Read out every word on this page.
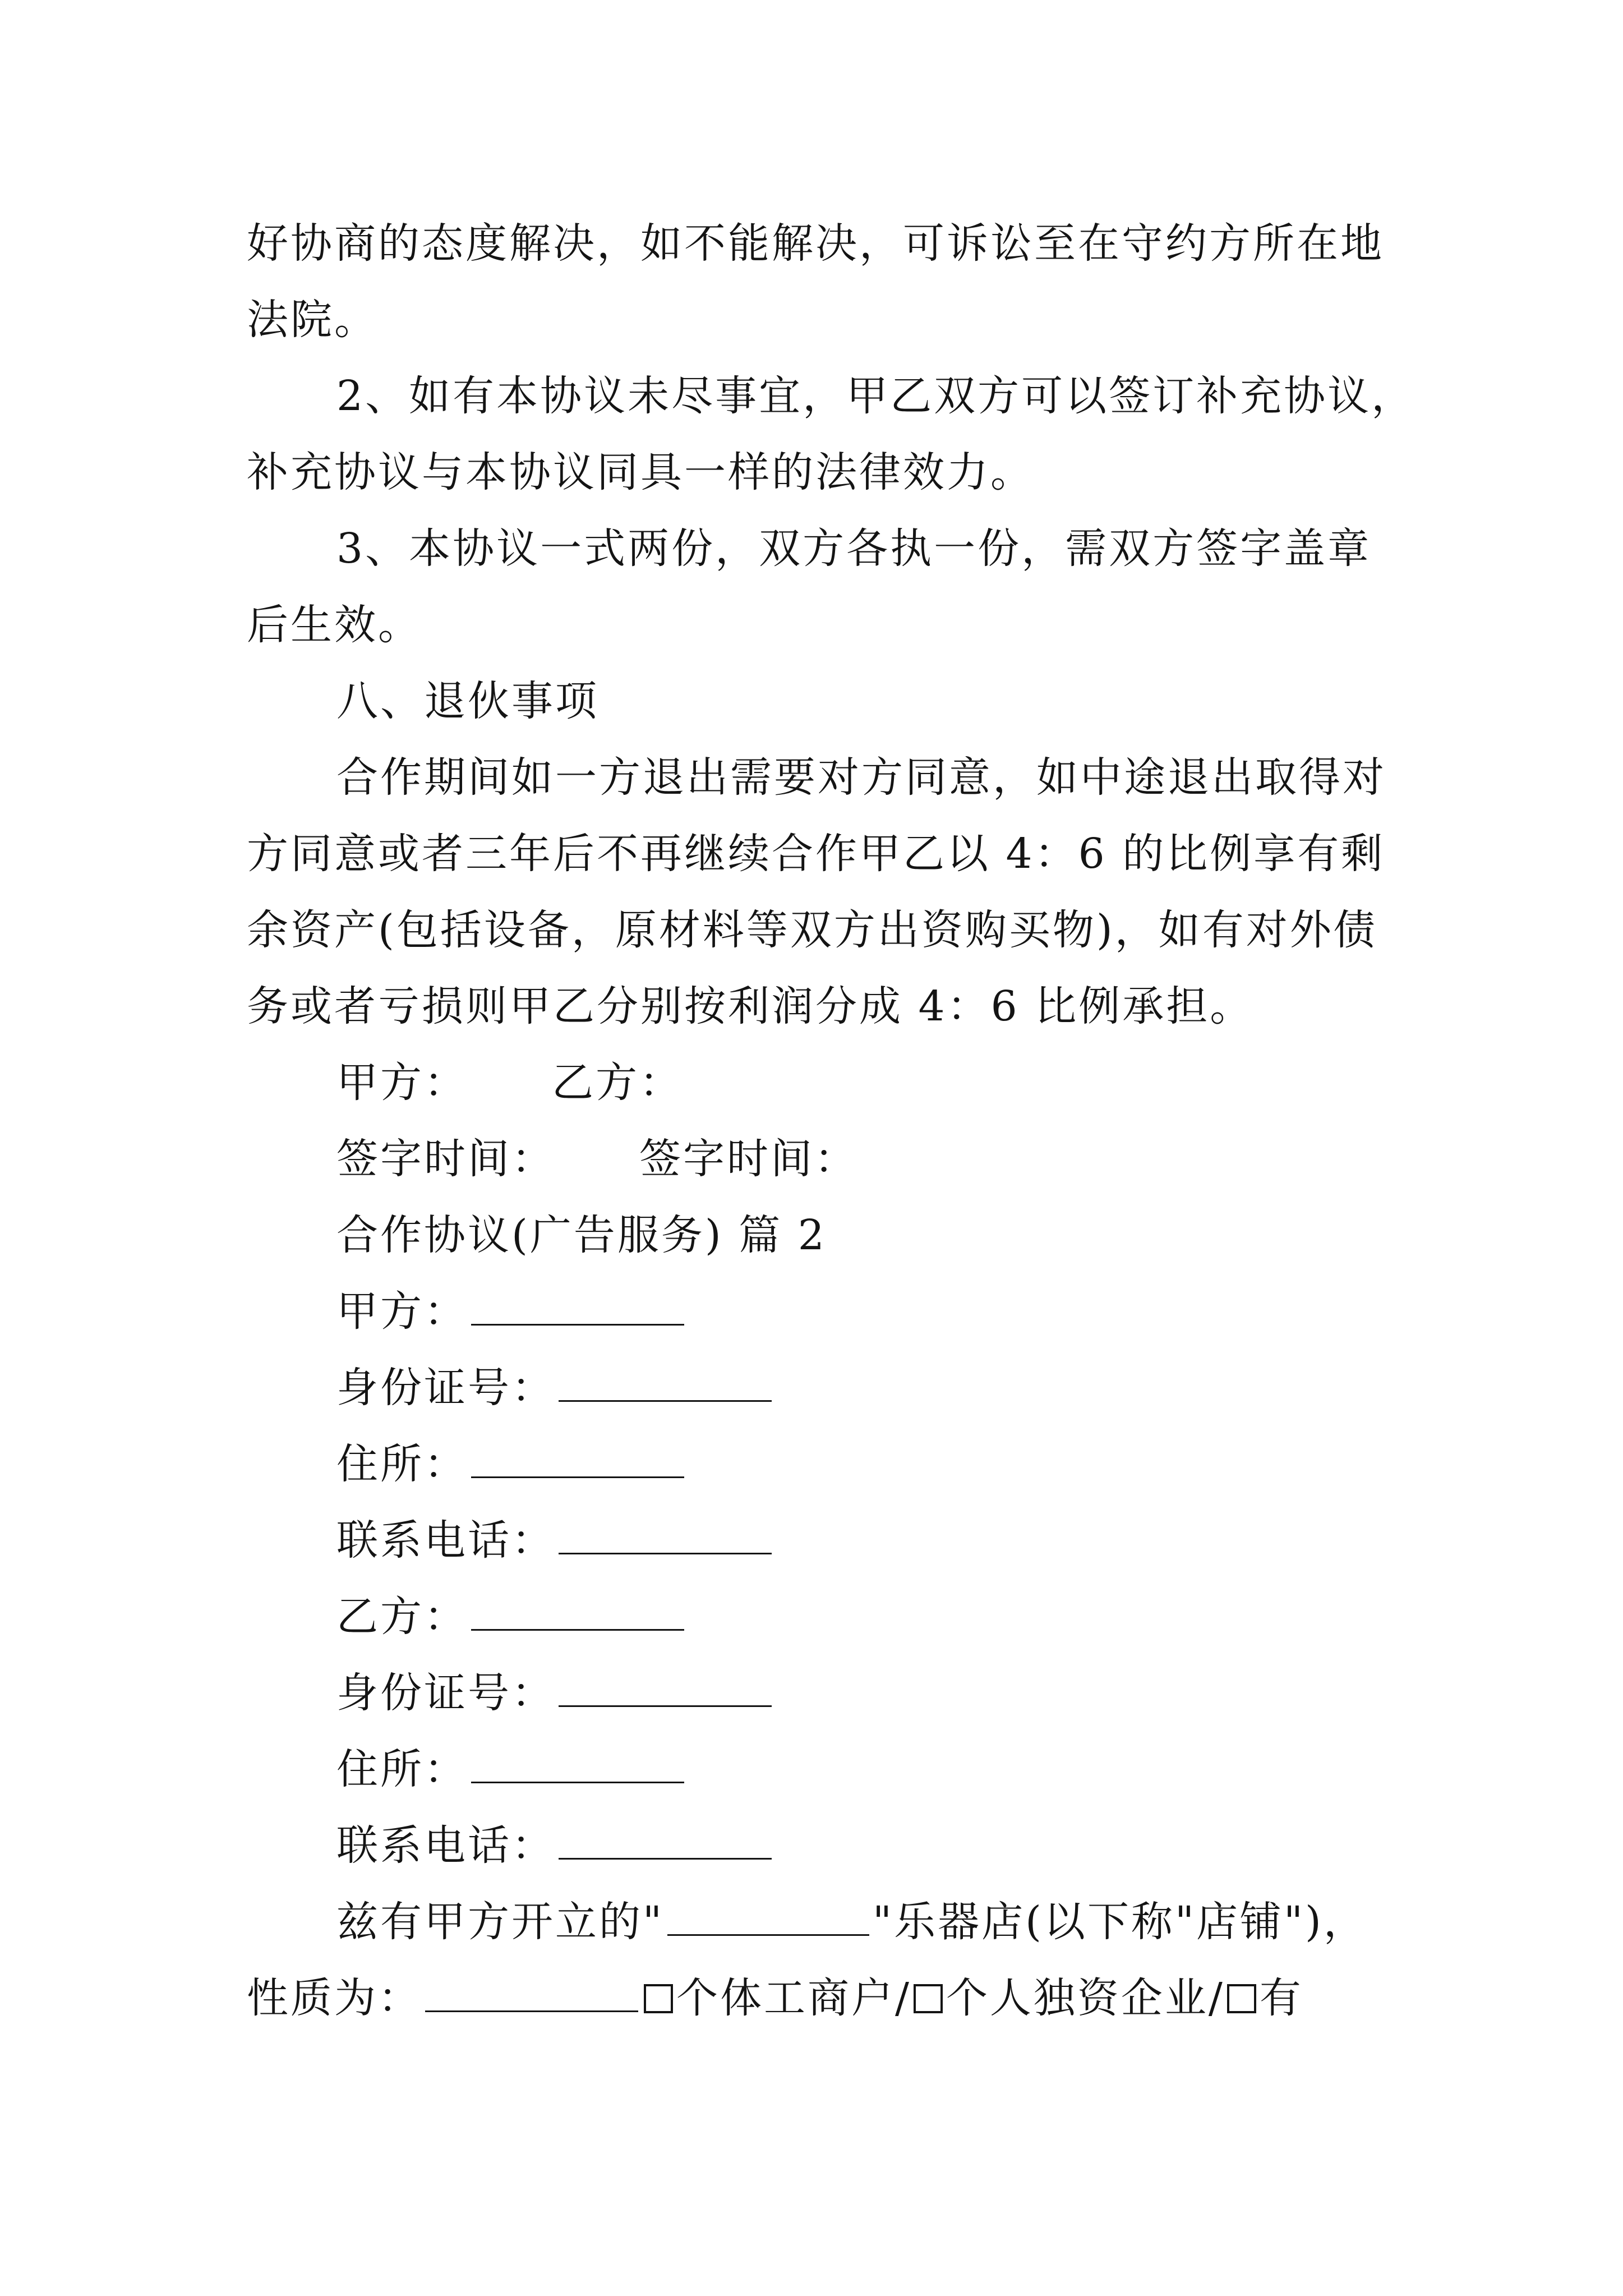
好协商的态度解决，如不能解决，可诉讼至在守约方所在地
法院。
2、如有本协议未尽事宜，甲乙双方可以签订补充协议，
补充协议与本协议同具一样的法律效力。
3、本协议一式两份，双方各执一份，需双方签字盖章
后生效。
八、退伙事项
合作期间如一方退出需要对方同意，如中途退出取得对
方同意或者三年后不再继续合作甲乙以 4：6 的比例享有剩
余资产(包括设备，原材料等双方出资购买物)，如有对外债
务或者亏损则甲乙分别按利润分成 4：6 比例承担。
甲方： 乙方：
签字时间： 签字时间：
合作协议(广告服务) 篇 2
甲方：
身份证号：
住所：
联系电话：
乙方：
身份证号：
住所：
联系电话：
兹有甲方开立的"	"乐器店(以下称"店铺")，
性质为：	个体工商户/ 个人独资企业/ 有
